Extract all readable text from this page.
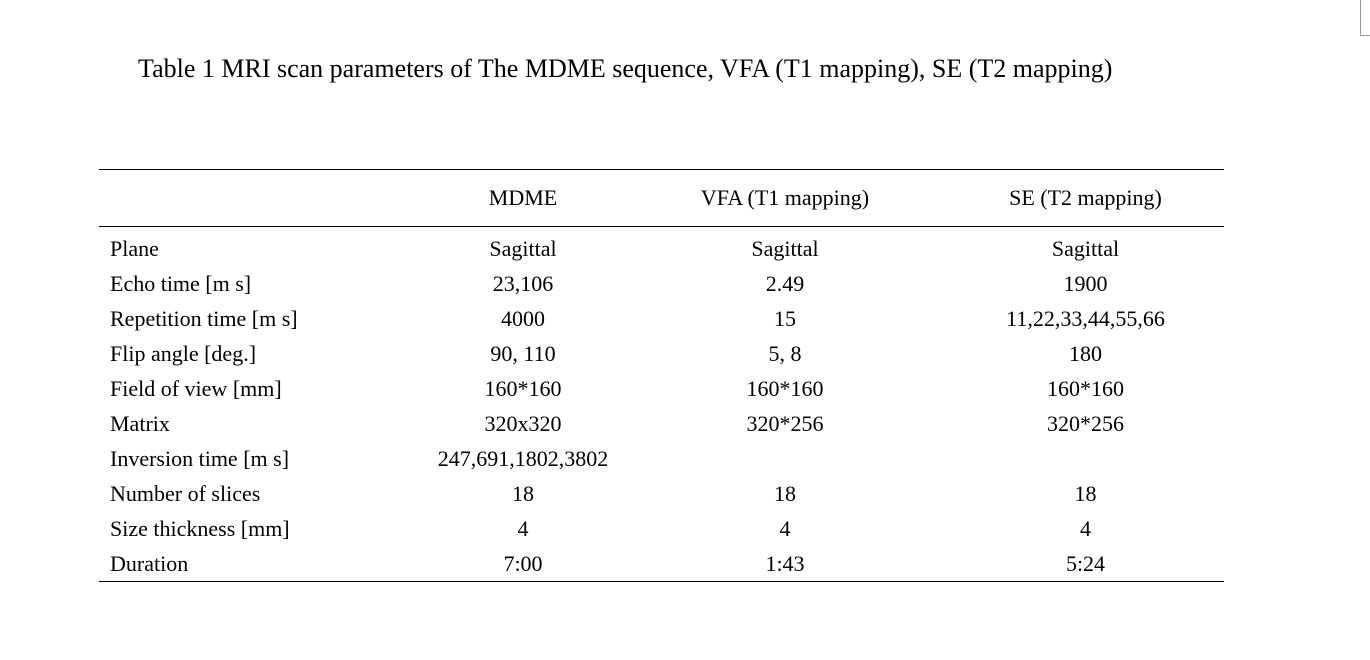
Table 1 MRI scan parameters of The MDME sequence, VFA (T1 mapping), SE (T2 mapping)
	MDME	VFA (T1 mapping)	SE (T2 mapping)
Plane	Sagittal	Sagittal	Sagittal
Echo time [m s]	23,106	2.49	1900
Repetition time [m s]	4000	15	11,22,33,44,55,66
Flip angle [deg.]	90, 110	5, 8	180
Field of view [mm]	160*160	160*160	160*160
Matrix	320x320	320*256	320*256
Inversion time [m s]	247,691,1802,3802		
Number of slices	18	18	18
Size thickness [mm]	4	4	4
Duration	7:00	1:43	5:24
